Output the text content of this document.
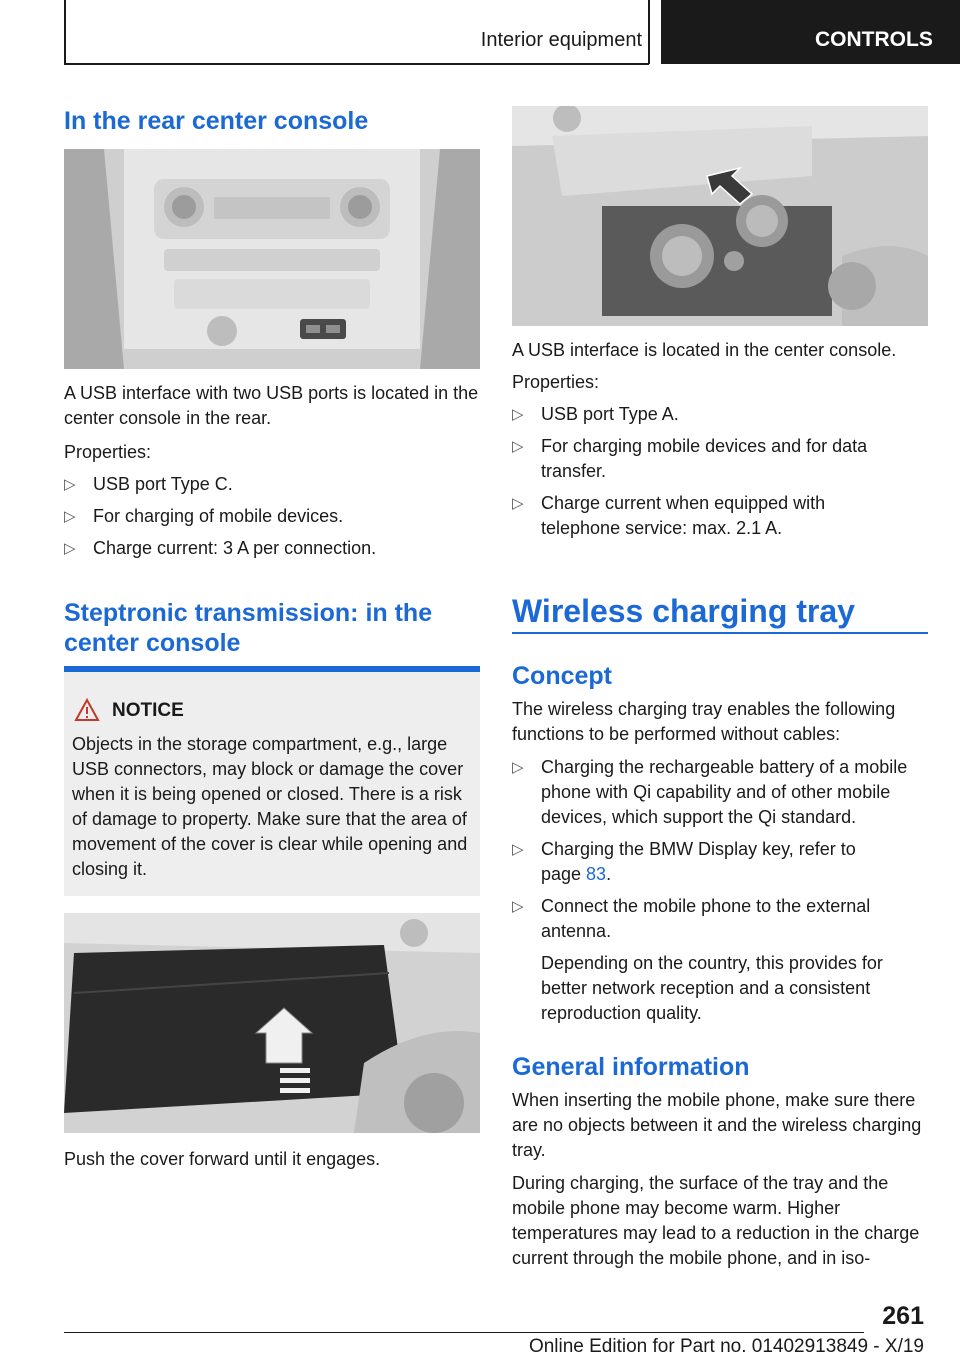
Interior equipment	CONTROLS
In the rear center console
A USB interface with two USB ports is located in the center console in the rear.
Properties:
▷ USB port Type C.
▷ For charging of mobile devices.
▷ Charge current: 3 A per connection.
Steptronic transmission: in the center console
NOTICE
Objects in the storage compartment, e.g., large USB connectors, may block or damage the cover when it is being opened or closed. There is a risk of damage to property. Make sure that the area of movement of the cover is clear while opening and closing it.
Push the cover forward until it engages.
A USB interface is located in the center console.
Properties:
▷ USB port Type A.
▷ For charging mobile devices and for data transfer.
▷ Charge current when equipped with telephone service: max. 2.1 A.
Wireless charging tray
Concept
The wireless charging tray enables the following functions to be performed without cables:
▷ Charging the rechargeable battery of a mobile phone with Qi capability and of other mobile devices, which support the Qi standard.
▷ Charging the BMW Display key, refer to page 83.
▷ Connect the mobile phone to the external antenna.
Depending on the country, this provides for better network reception and a consistent reproduction quality.
General information
When inserting the mobile phone, make sure there are no objects between it and the wireless charging tray.
During charging, the surface of the tray and the mobile phone may become warm. Higher temperatures may lead to a reduction in the charge current through the mobile phone, and in iso-
261
Online Edition for Part no. 01402913849 - X/19
